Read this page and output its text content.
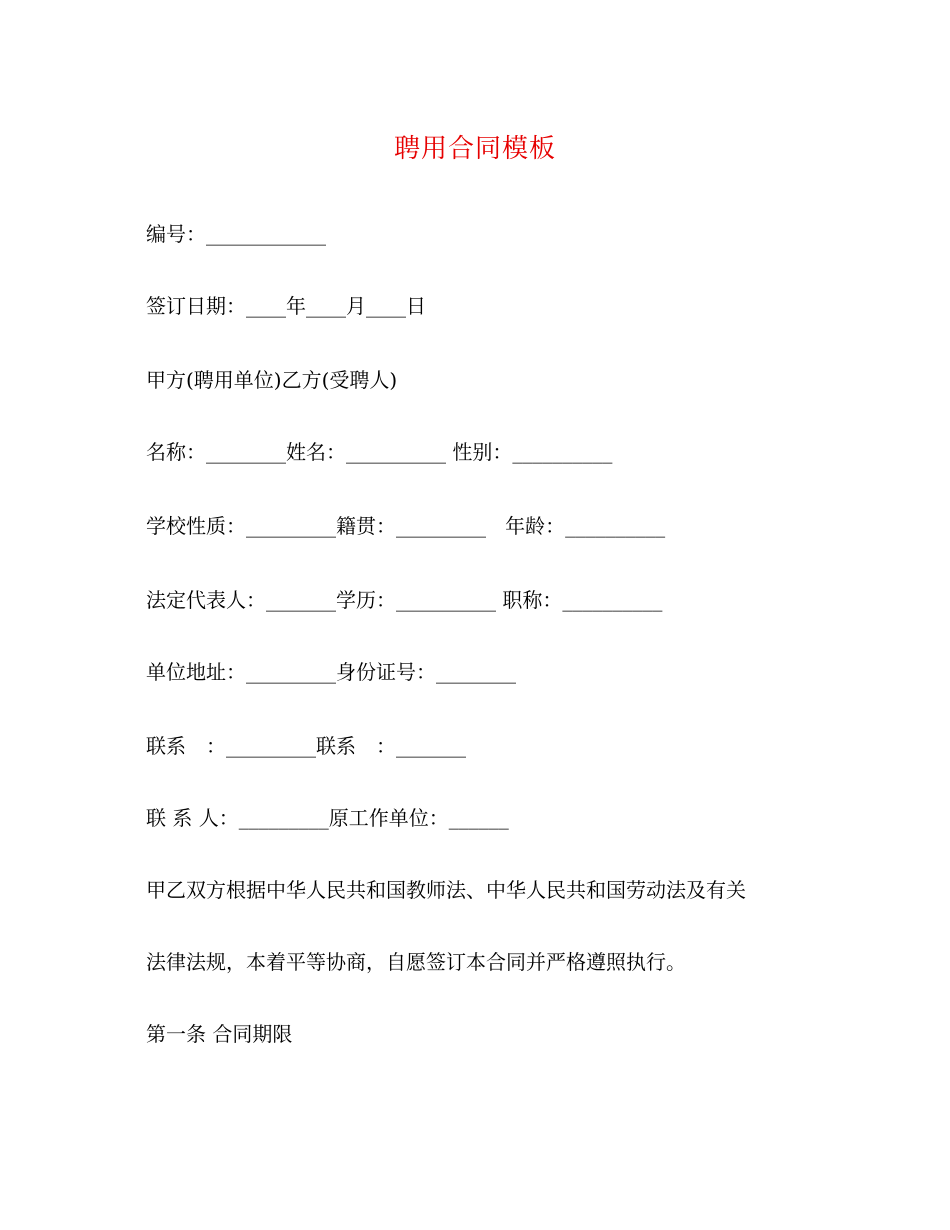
聘用合同模板
编号：____________
签订日期：____年____月____日
甲方(聘用单位)乙方(受聘人)
名称：________姓名：__________ 性别：__________
学校性质：_________籍贯：_________   年龄：__________
法定代表人：_______学历：__________ 职称：__________
单位地址：_________身份证号：________
联系　：_________联系　：_______
联 系 人：_________原工作单位：______
甲乙双方根据中华人民共和国教师法、中华人民共和国劳动法及有关
法律法规，本着平等协商，自愿签订本合同并严格遵照执行。
第一条 合同期限
